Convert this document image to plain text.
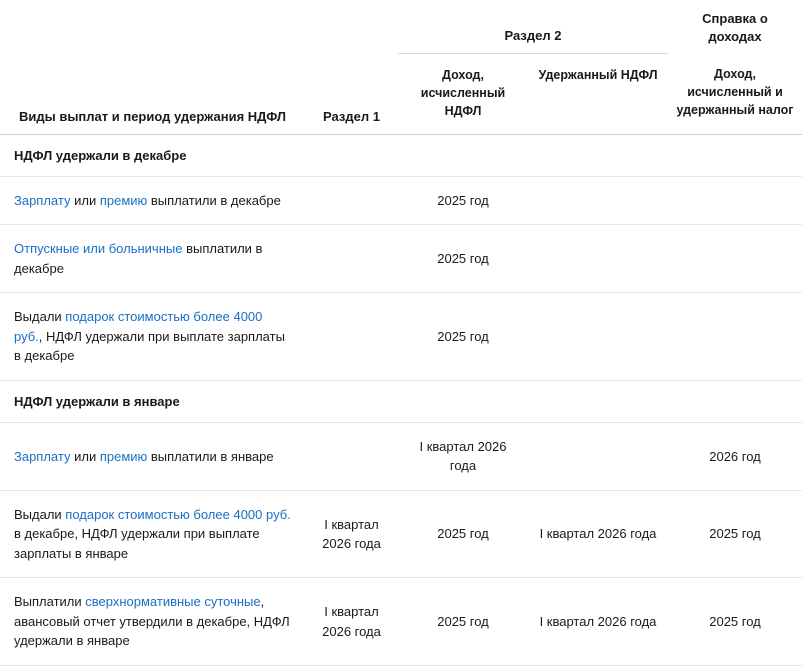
Виды выплат и период удержания НДФЛ	Раздел 1	Раздел 2		Справка о доходах
		Доход, исчисленный НДФЛ	Удержанный НДФЛ	Доход, исчисленный и удержанный налог
НДФЛ удержали в декабре				
Зарплату или премию выплатили в декабре		2025 год		
Отпускные или больничные выплатили в декабре		2025 год		
Выдали подарок стоимостью более 4000 руб., НДФЛ удержали при выплате зарплаты в декабре		2025 год		
НДФЛ удержали в январе				
Зарплату или премию выплатили в январе		I квартал 2026 года		2026 год
Выдали подарок стоимостью более 4000 руб. в декабре, НДФЛ удержали при выплате зарплаты в январе	I квартал 2026 года	2025 год	I квартал 2026 года	2025 год
Выплатили сверхнормативные суточные, авансовый отчет утвердили в декабре, НДФЛ удержали в январе	I квартал 2026 года	2025 год	I квартал 2026 года	2025 год
